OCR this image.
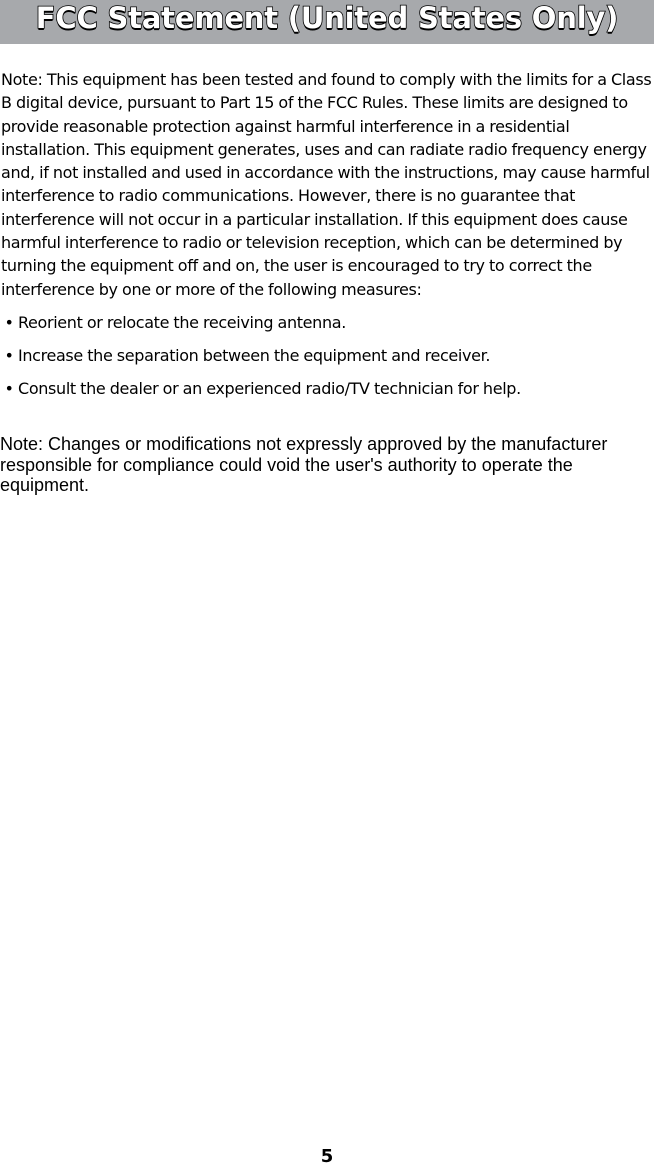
FCC Statement (United States Only)

Note: This equipment has been tested and found to comply with the limits for a Class B digital device, pursuant to Part 15 of the FCC Rules. These limits are designed to provide reasonable protection against harmful interference in a residential installation. This equipment generates, uses and can radiate radio frequency energy and, if not installed and used in accordance with the instructions, may cause harmful interference to radio communications. However, there is no guarantee that interference will not occur in a particular installation. If this equipment does cause harmful interference to radio or television reception, which can be determined by turning the equipment off and on, the user is encouraged to try to correct the interference by one or more of the following measures:

• Reorient or relocate the receiving antenna.
• Increase the separation between the equipment and receiver.
• Consult the dealer or an experienced radio/TV technician for help.

Note: Changes or modifications not expressly approved by the manufacturer responsible for compliance could void the user's authority to operate the equipment.

5
